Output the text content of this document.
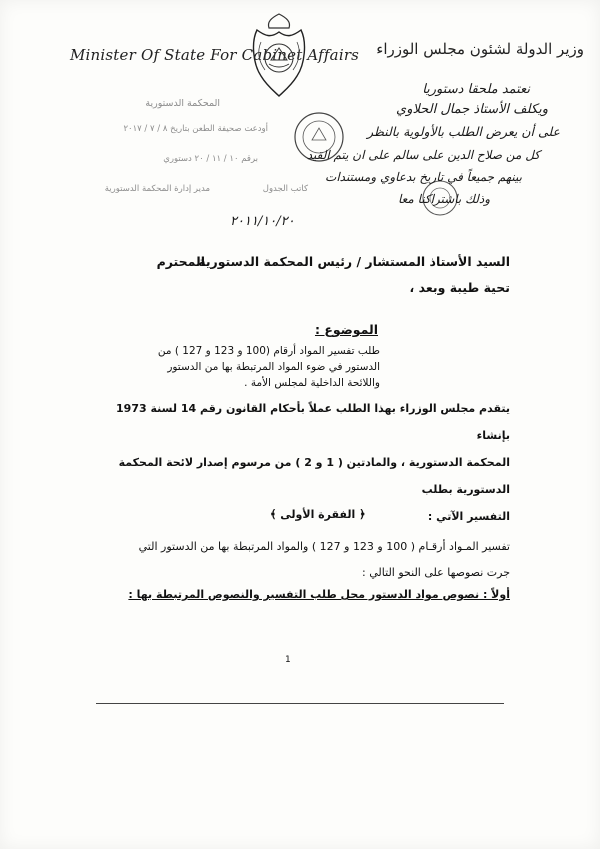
Minister Of State For Cabinet Affairs وزير الدولة لشئون مجلس الوزراء
المحكمة الدستورية
أودعت صحيفة الطعن بتاريخ ٨ / ٧ / ٢٠١٧
برقم ١٠ / ١١ / ٢٠ دستوري
كاتب الجدول
مدير إدارة المحكمة الدستورية
نعتمد ملحقا دستوريا
ويكلف الأستاذ جمال الحلاوي
على أن يعرض الطلب بالأولوية بالنظر
كل من صلاح الدين على سالم على ان يتم القيد
بينهم جميعاً في تاريخ بدعاوي ومستندات
وذلك باشتراكنا معا
٢٠١١/١٠/٢٠
السيد الأستاذ المستشار / رئيس المحكمة الدستورية
المحترم
تحية طيبة وبعد ،
الموضوع :
طلب تفسير المواد أرقام (100 و 123 و 127 ) من
الدستور في ضوء المواد المرتبطة بها من الدستور
واللائحة الداخلية لمجلس الأمة .
يتقدم مجلس الوزراء بهذا الطلب عملاً بأحكام القانون رقم 14 لسنة 1973 بإنشاء
المحكمة الدستورية ، والمادتين ( 1 و 2 ) من مرسوم إصدار لائحة المحكمة الدستورية بطلب
التفسير الآتي :
﴿ الفقرة الأولى ﴾
تفسير المـواد أرقـام ( 100 و 123 و 127 ) والمواد المرتبطة بها من الدستور التي
جرت نصوصها على النحو التالي :
أولاً : نصوص مواد الدستور محل طلب التفسير والنصوص المرتبطة بها :
1
